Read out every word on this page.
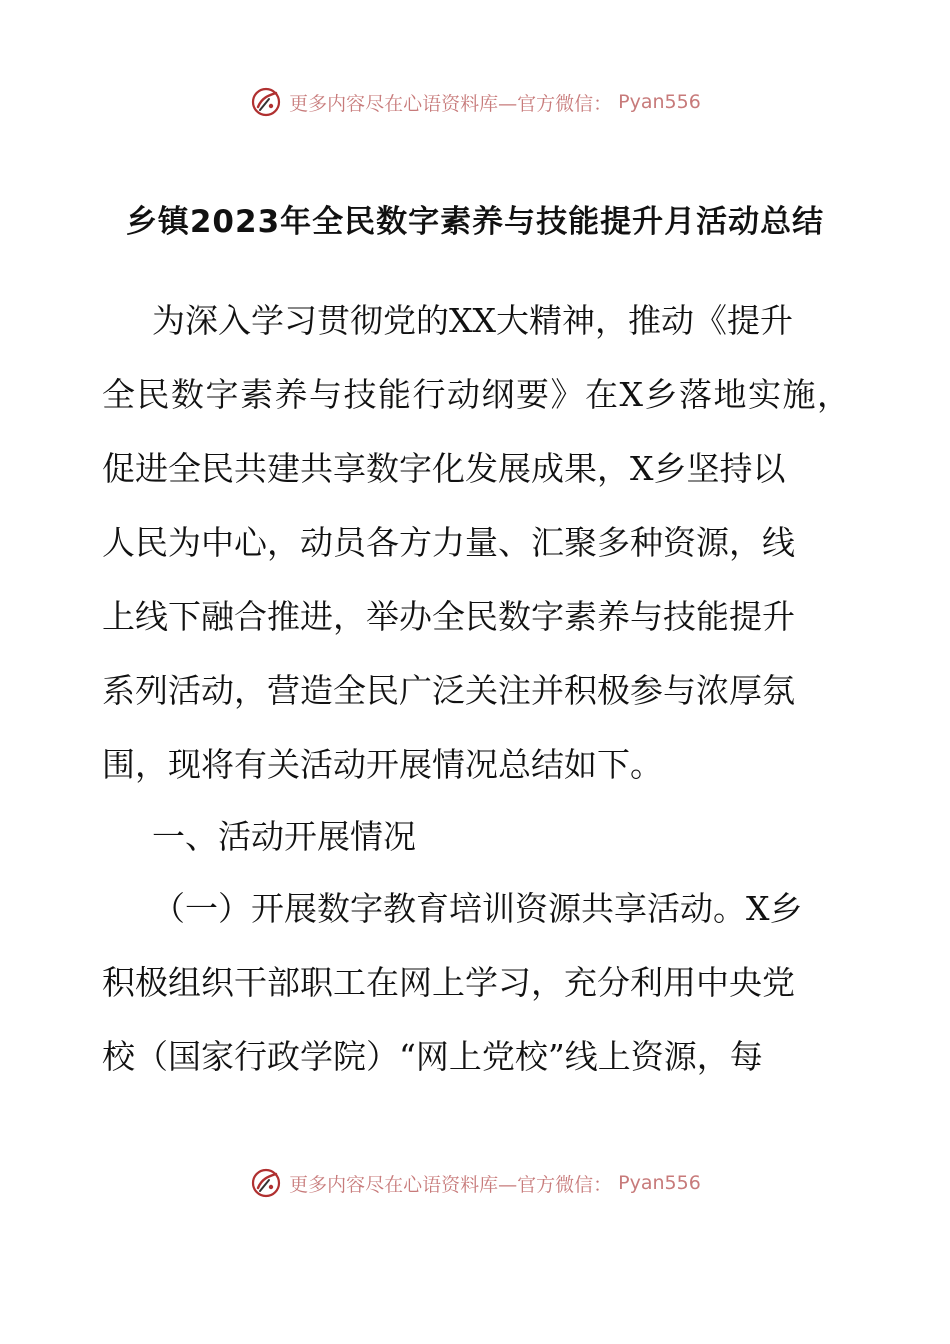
更多内容尽在心语资料库—官方微信： Pyan556
乡镇2023年全民数字素养与技能提升月活动总结
为深入学习贯彻党的XX大精神，推动《提升
全民数字素养与技能行动纲要》在X乡落地实施，
促进全民共建共享数字化发展成果，X乡坚持以
人民为中心，动员各方力量、汇聚多种资源，线
上线下融合推进，举办全民数字素养与技能提升
系列活动，营造全民广泛关注并积极参与浓厚氛
围，现将有关活动开展情况总结如下。
一、活动开展情况
（一）开展数字教育培训资源共享活动。X乡
积极组织干部职工在网上学习，充分利用中央党
校（国家行政学院）“网上党校”线上资源，每
更多内容尽在心语资料库—官方微信： Pyan556
